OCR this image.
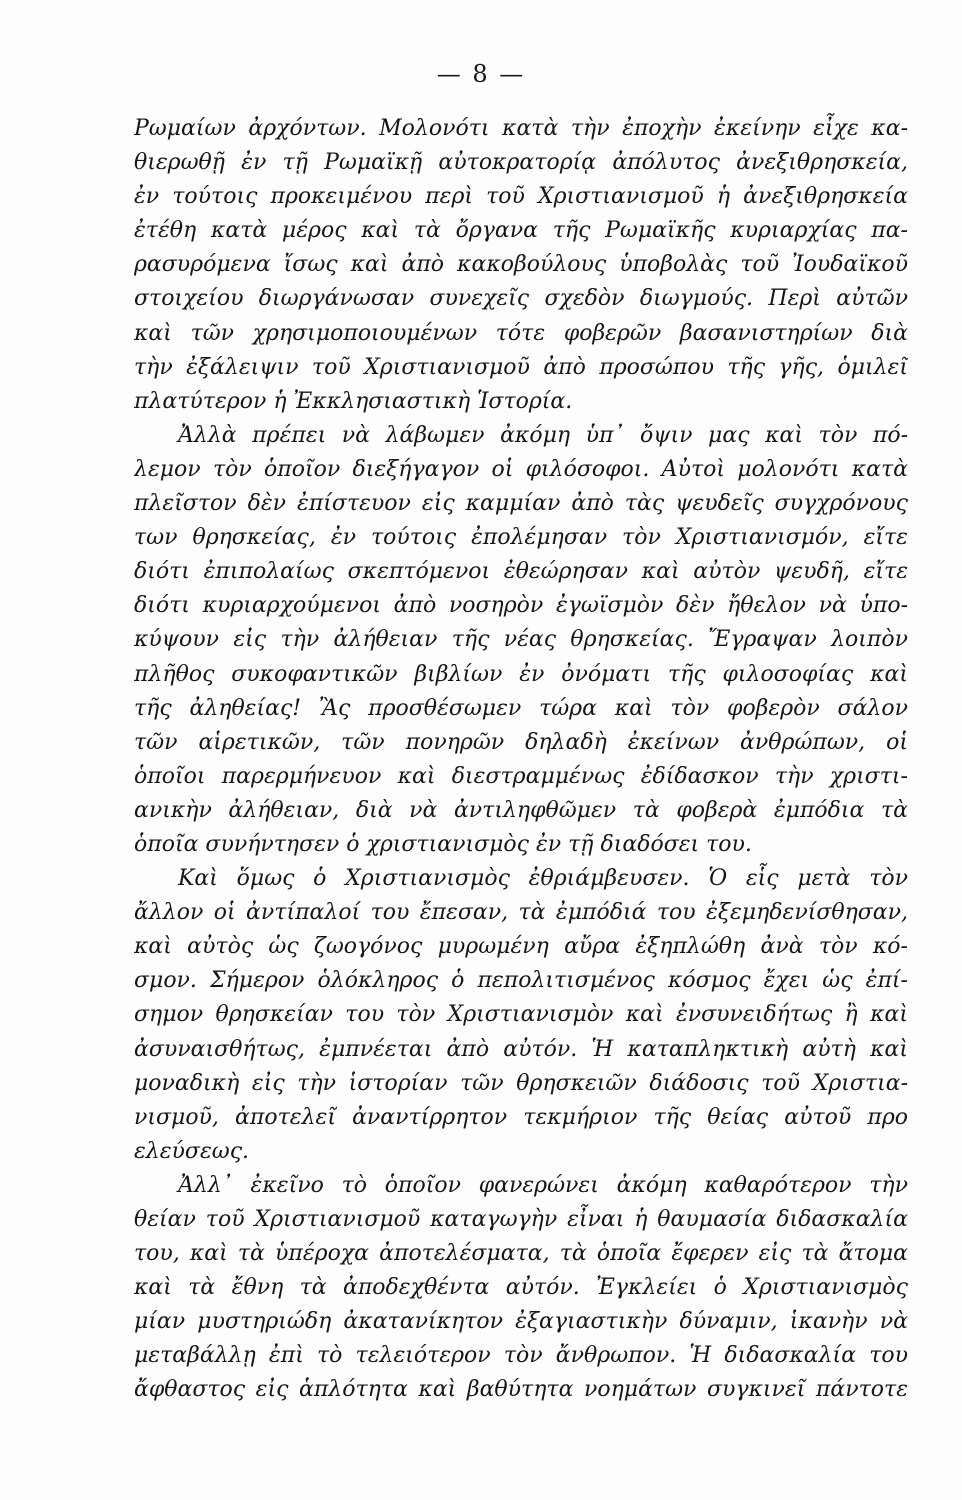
— 8 —
Ρωμαίων ἀρχόντων. Μολονότι κατὰ τὴν ἐποχὴν ἐκείνην εἶχε κα-
θιερωθῇ ἐν τῇ Ρωμαϊκῇ αὐτοκρατορίᾳ ἀπόλυτος ἀνεξιθρησκεία,
ἐν τούτοις προκειμένου περὶ τοῦ Χριστιανισμοῦ ἡ ἀνεξιθρησκεία
ἐτέθη κατὰ μέρος καὶ τὰ ὄργανα τῆς Ρωμαϊκῆς κυριαρχίας πα-
ρασυρόμενα ἴσως καὶ ἀπὸ κακοβούλους ὑποβολὰς τοῦ Ἰουδαϊκοῦ
στοιχείου διωργάνωσαν συνεχεῖς σχεδὸν διωγμούς. Περὶ αὐτῶν
καὶ τῶν χρησιμοποιουμένων τότε φοβερῶν βασανιστηρίων διὰ
τὴν ἐξάλειψιν τοῦ Χριστιανισμοῦ ἀπὸ προσώπου τῆς γῆς, ὁμιλεῖ
πλατύτερον ἡ Ἐκκλησιαστικὴ Ἱστορία.
Ἀλλὰ πρέπει νὰ λάβωμεν ἀκόμη ὑπ᾿ ὄψιν μας καὶ τὸν πό-
λεμον τὸν ὁποῖον διεξήγαγον οἱ φιλόσοφοι. Αὐτοὶ μολονότι κατὰ
πλεῖστον δὲν ἐπίστευον εἰς καμμίαν ἀπὸ τὰς ψευδεῖς συγχρόνους
των θρησκείας, ἐν τούτοις ἐπολέμησαν τὸν Χριστιανισμόν, εἴτε
διότι ἐπιπολαίως σκεπτόμενοι ἐθεώρησαν καὶ αὐτὸν ψευδῆ, εἴτε
διότι κυριαρχούμενοι ἀπὸ νοσηρὸν ἐγωϊσμὸν δὲν ἤθελον νὰ ὑπο-
κύψουν εἰς τὴν ἀλήθειαν τῆς νέας θρησκείας. Ἔγραψαν λοιπὸν
πλῆθος συκοφαντικῶν βιβλίων ἐν ὀνόματι τῆς φιλοσοφίας καὶ
τῆς ἀληθείας! Ἂς προσθέσωμεν τώρα καὶ τὸν φοβερὸν σάλον
τῶν αἱρετικῶν, τῶν πονηρῶν δηλαδὴ ἐκείνων ἀνθρώπων, οἱ
ὁποῖοι παρερμήνευον καὶ διεστραμμένως ἐδίδασκον τὴν χριστι-
ανικὴν ἀλήθειαν, διὰ νὰ ἀντιληφθῶμεν τὰ φοβερὰ ἐμπόδια τὰ
ὁποῖα συνήντησεν ὁ χριστιανισμὸς ἐν τῇ διαδόσει του.
Καὶ ὅμως ὁ Χριστιανισμὸς ἐθριάμβευσεν. Ὁ εἷς μετὰ τὸν
ἄλλον οἱ ἀντίπαλοί του ἔπεσαν, τὰ ἐμπόδιά του ἐξεμηδενίσθησαν,
καὶ αὐτὸς ὡς ζωογόνος μυρωμένη αὔρα ἐξηπλώθη ἀνὰ τὸν κό-
σμον. Σήμερον ὁλόκληρος ὁ πεπολιτισμένος κόσμος ἔχει ὡς ἐπί-
σημον θρησκείαν του τὸν Χριστιανισμὸν καὶ ἐνσυνειδήτως ἢ καὶ
ἀσυναισθήτως, ἐμπνέεται ἀπὸ αὐτόν. Ἡ καταπληκτικὴ αὐτὴ καὶ
μοναδικὴ εἰς τὴν ἱστορίαν τῶν θρησκειῶν διάδοσις τοῦ Χριστια-
νισμοῦ, ἀποτελεῖ ἀναντίρρητον τεκμήριον τῆς θείας αὐτοῦ προ
ελεύσεως.
Ἀλλ᾿ ἐκεῖνο τὸ ὁποῖον φανερώνει ἀκόμη καθαρότερον τὴν
θείαν τοῦ Χριστιανισμοῦ καταγωγὴν εἶναι ἡ θαυμασία διδασκαλία
του, καὶ τὰ ὑπέροχα ἀποτελέσματα, τὰ ὁποῖα ἔφερεν εἰς τὰ ἄτομα
καὶ τὰ ἔθνη τὰ ἀποδεχθέντα αὐτόν. Ἐγκλείει ὁ Χριστιανισμὸς
μίαν μυστηριώδη ἀκατανίκητον ἐξαγιαστικὴν δύναμιν, ἱκανὴν νὰ
μεταβάλλῃ ἐπὶ τὸ τελειότερον τὸν ἄνθρωπον. Ἡ διδασκαλία του
ἄφθαστος εἰς ἁπλότητα καὶ βαθύτητα νοημάτων συγκινεῖ πάντοτε
